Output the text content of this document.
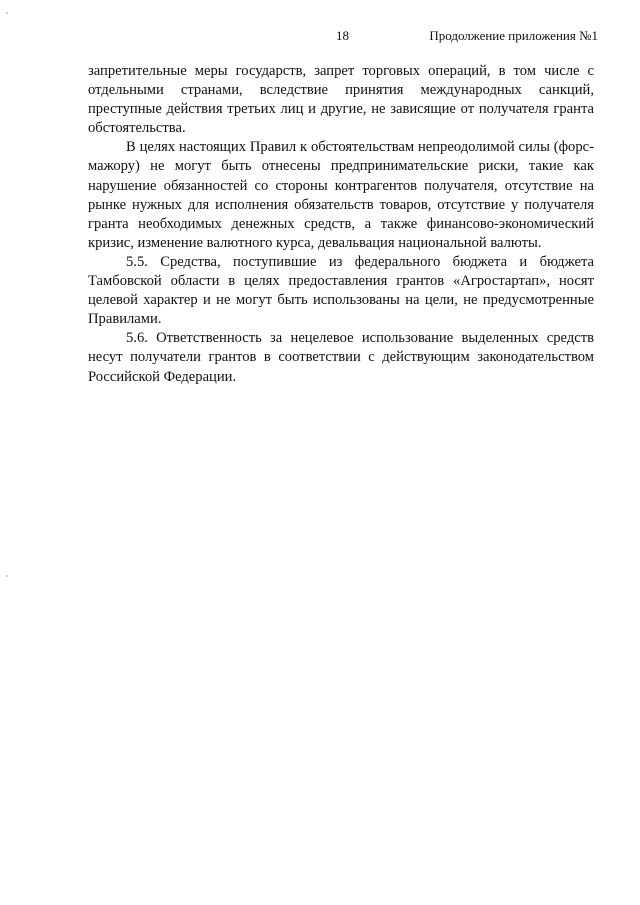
18	Продолжение приложения №1

запретительные меры государств, запрет торговых операций, в том числе с отдельными странами, вследствие принятия международных санкций, преступные действия третьих лиц и другие, не зависящие от получателя гранта обстоятельства.

В целях настоящих Правил к обстоятельствам непреодолимой силы (форс-мажору) не могут быть отнесены предпринимательские риски, такие как нарушение обязанностей со стороны контрагентов получателя, отсутствие на рынке нужных для исполнения обязательств товаров, отсутствие у получателя гранта необходимых денежных средств, а также финансово-экономический кризис, изменение валютного курса, девальвация национальной валюты.

5.5. Средства, поступившие из федерального бюджета и бюджета Тамбовской области в целях предоставления грантов «Агростартап», носят целевой характер и не могут быть использованы на цели, не предусмотренные Правилами.

5.6. Ответственность за нецелевое использование выделенных средств несут получатели грантов в соответствии с действующим законодательством Российской Федерации.
